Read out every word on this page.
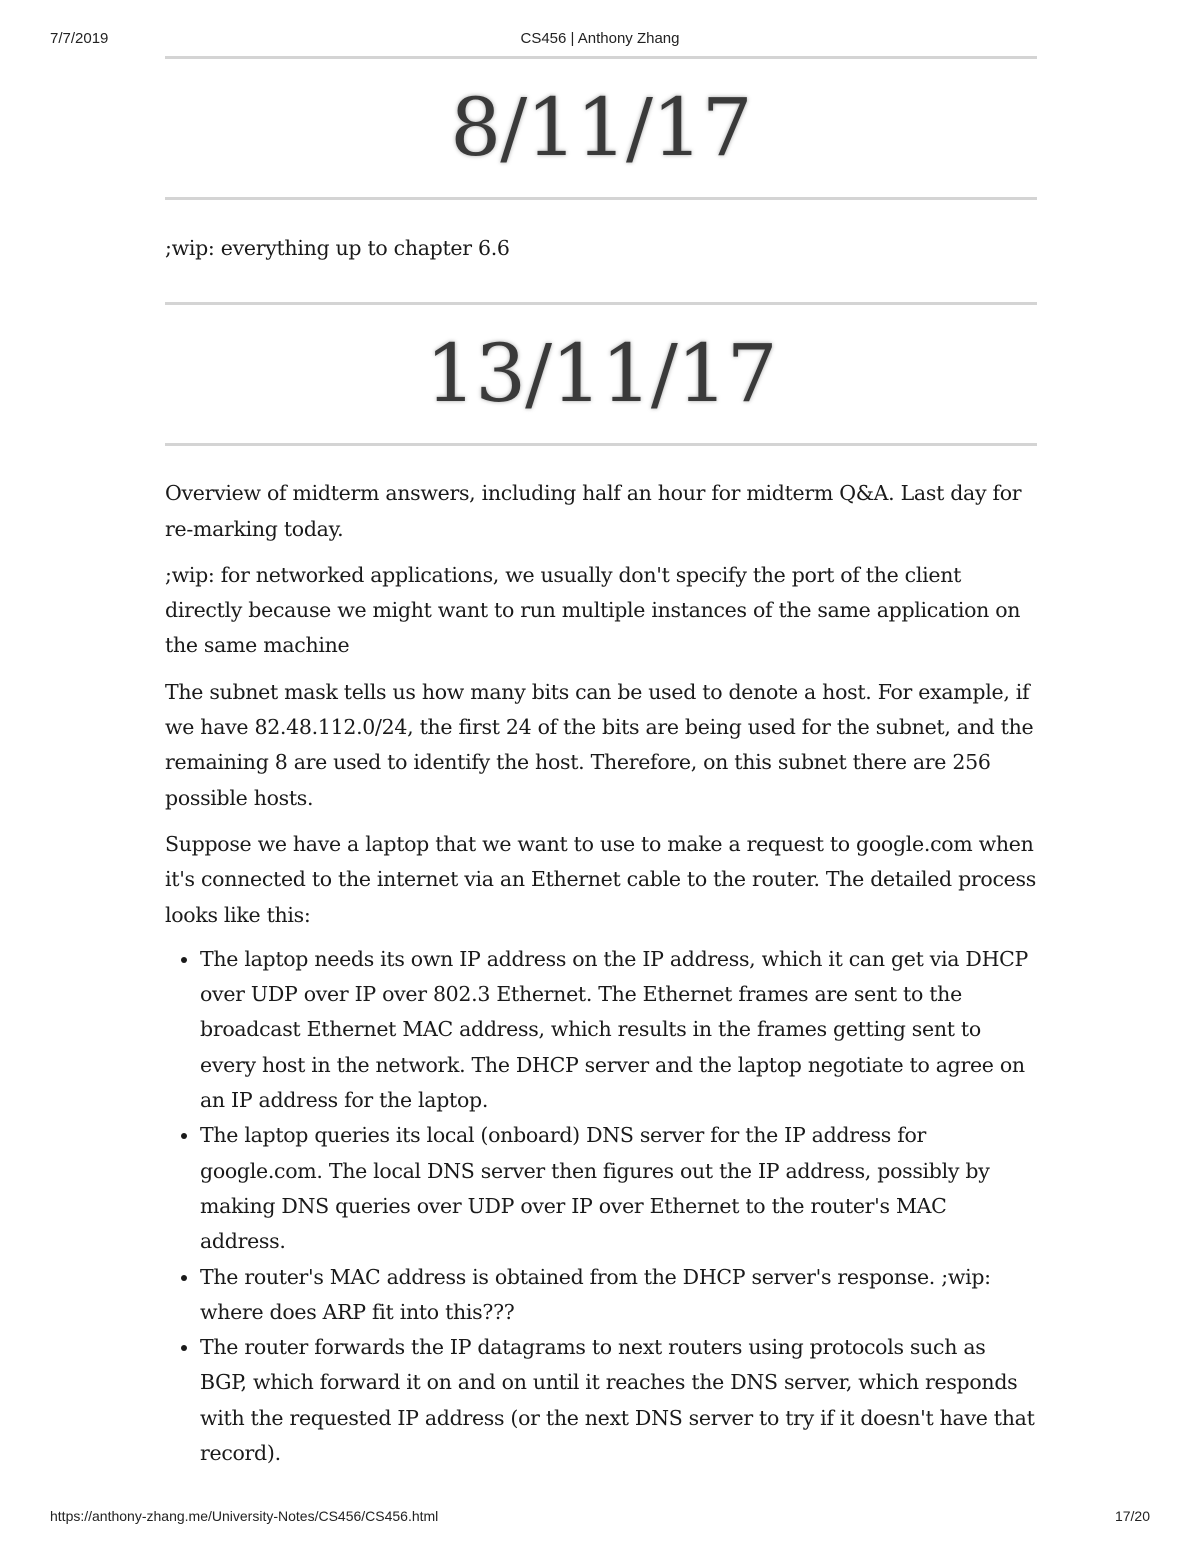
7/7/2019	CS456 | Anthony Zhang
8/11/17

;wip: everything up to chapter 6.6

13/11/17

Overview of midterm answers, including half an hour for midterm Q&A. Last day for re-marking today.

;wip: for networked applications, we usually don't specify the port of the client directly because we might want to run multiple instances of the same application on the same machine

The subnet mask tells us how many bits can be used to denote a host. For example, if we have 82.48.112.0/24, the first 24 of the bits are being used for the subnet, and the remaining 8 are used to identify the host. Therefore, on this subnet there are 256 possible hosts.

Suppose we have a laptop that we want to use to make a request to google.com when it's connected to the internet via an Ethernet cable to the router. The detailed process looks like this:

• The laptop needs its own IP address on the IP address, which it can get via DHCP over UDP over IP over 802.3 Ethernet. The Ethernet frames are sent to the broadcast Ethernet MAC address, which results in the frames getting sent to every host in the network. The DHCP server and the laptop negotiate to agree on an IP address for the laptop.
• The laptop queries its local (onboard) DNS server for the IP address for google.com. The local DNS server then figures out the IP address, possibly by making DNS queries over UDP over IP over Ethernet to the router's MAC address.
• The router's MAC address is obtained from the DHCP server's response. ;wip: where does ARP fit into this???
• The router forwards the IP datagrams to next routers using protocols such as BGP, which forward it on and on until it reaches the DNS server, which responds with the requested IP address (or the next DNS server to try if it doesn't have that record).
https://anthony-zhang.me/University-Notes/CS456/CS456.html	17/20
